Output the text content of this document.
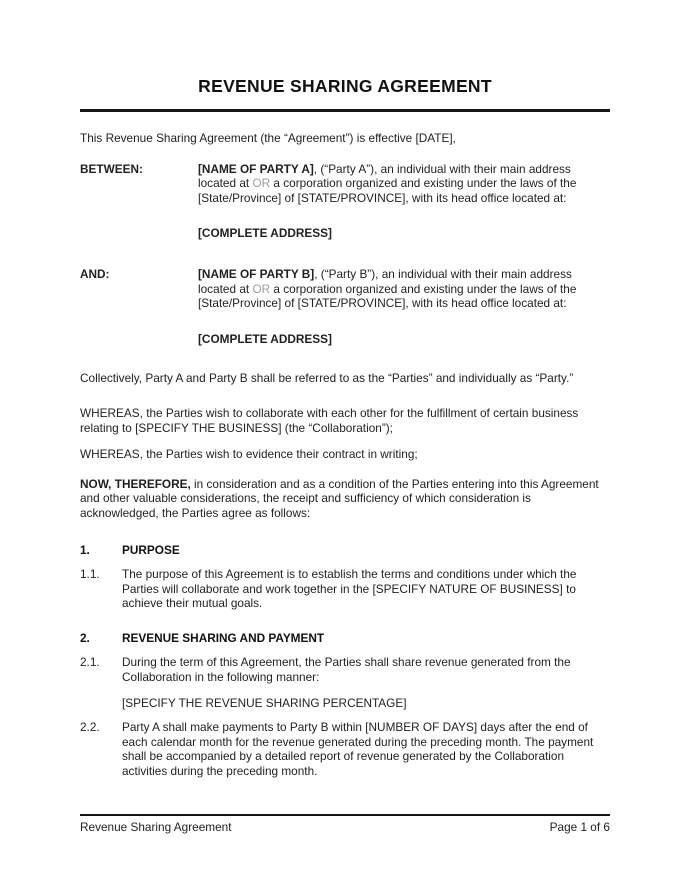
REVENUE SHARING AGREEMENT

This Revenue Sharing Agreement (the “Agreement”) is effective [DATE],

BETWEEN:	[NAME OF PARTY A], (“Party A”), an individual with their main address located at OR a corporation organized and existing under the laws of the [State/Province] of [STATE/PROVINCE], with its head office located at:

[COMPLETE ADDRESS]

AND:	[NAME OF PARTY B], (“Party B”), an individual with their main address located at OR a corporation organized and existing under the laws of the [State/Province] of [STATE/PROVINCE], with its head office located at:

[COMPLETE ADDRESS]

Collectively, Party A and Party B shall be referred to as the “Parties” and individually as “Party.”

WHEREAS, the Parties wish to collaborate with each other for the fulfillment of certain business relating to [SPECIFY THE BUSINESS] (the “Collaboration”);

WHEREAS, the Parties wish to evidence their contract in writing;

NOW, THEREFORE, in consideration and as a condition of the Parties entering into this Agreement and other valuable considerations, the receipt and sufficiency of which consideration is acknowledged, the Parties agree as follows:

1.	PURPOSE
1.1.	The purpose of this Agreement is to establish the terms and conditions under which the Parties will collaborate and work together in the [SPECIFY NATURE OF BUSINESS] to achieve their mutual goals.
2.	REVENUE SHARING AND PAYMENT
2.1.	During the term of this Agreement, the Parties shall share revenue generated from the Collaboration in the following manner:

[SPECIFY THE REVENUE SHARING PERCENTAGE]

2.2.	Party A shall make payments to Party B within [NUMBER OF DAYS] days after the end of each calendar month for the revenue generated during the preceding month. The payment shall be accompanied by a detailed report of revenue generated by the Collaboration activities during the preceding month.
Revenue Sharing Agreement	Page 1 of 6
